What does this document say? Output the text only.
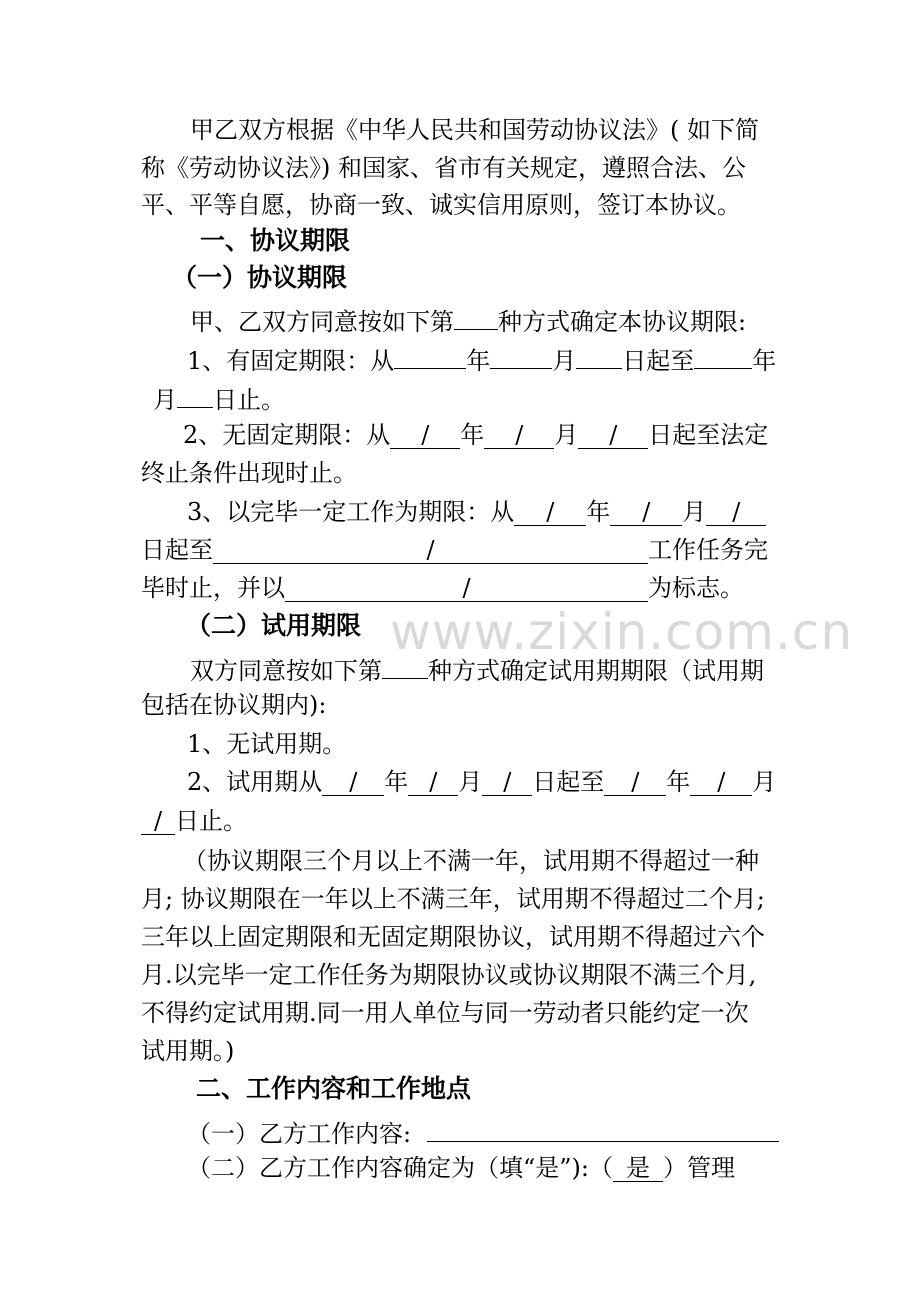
www.zixin.com.cn
甲乙双方根据《中华人民共和国劳动协议法》( 如下简
称《劳动协议法》) 和国家、省市有关规定，遵照合法、公
平、平等自愿，协商一致、诚实信用原则，签订本协议。
一、协议期限
（一）协议期限
甲、乙双方同意按如下第 种方式确定本协议期限:
1、有固定期限：从	年	月 日起至 年
月 日止。
2、无固定期限：从 / 年 / 月 / 日起至法定
终止条件出现时止。
3、以完毕一定工作为期限：从 / 年 / 月 /
日起至	/	工作任务完
毕时止，并以	/	为标志。
（二）试用期限
双方同意按如下第 种方式确定试用期期限（试用期
包括在协议期内):
1、无试用期。
2、试用期从 / 年 / 月 / 日起至 / 年 / 月
/ 日止。
（协议期限三个月以上不满一年，试用期不得超过一种
月; 协议期限在一年以上不满三年，试用期不得超过二个月;
三年以上固定期限和无固定期限协议，试用期不得超过六个
月.以完毕一定工作任务为期限协议或协议期限不满三个月,
不得约定试用期.同一用人单位与同一劳动者只能约定一次
试用期。)
二、工作内容和工作地点
（一）乙方工作内容:
（二）乙方工作内容确定为（填“是”):（ 是 ）管理
